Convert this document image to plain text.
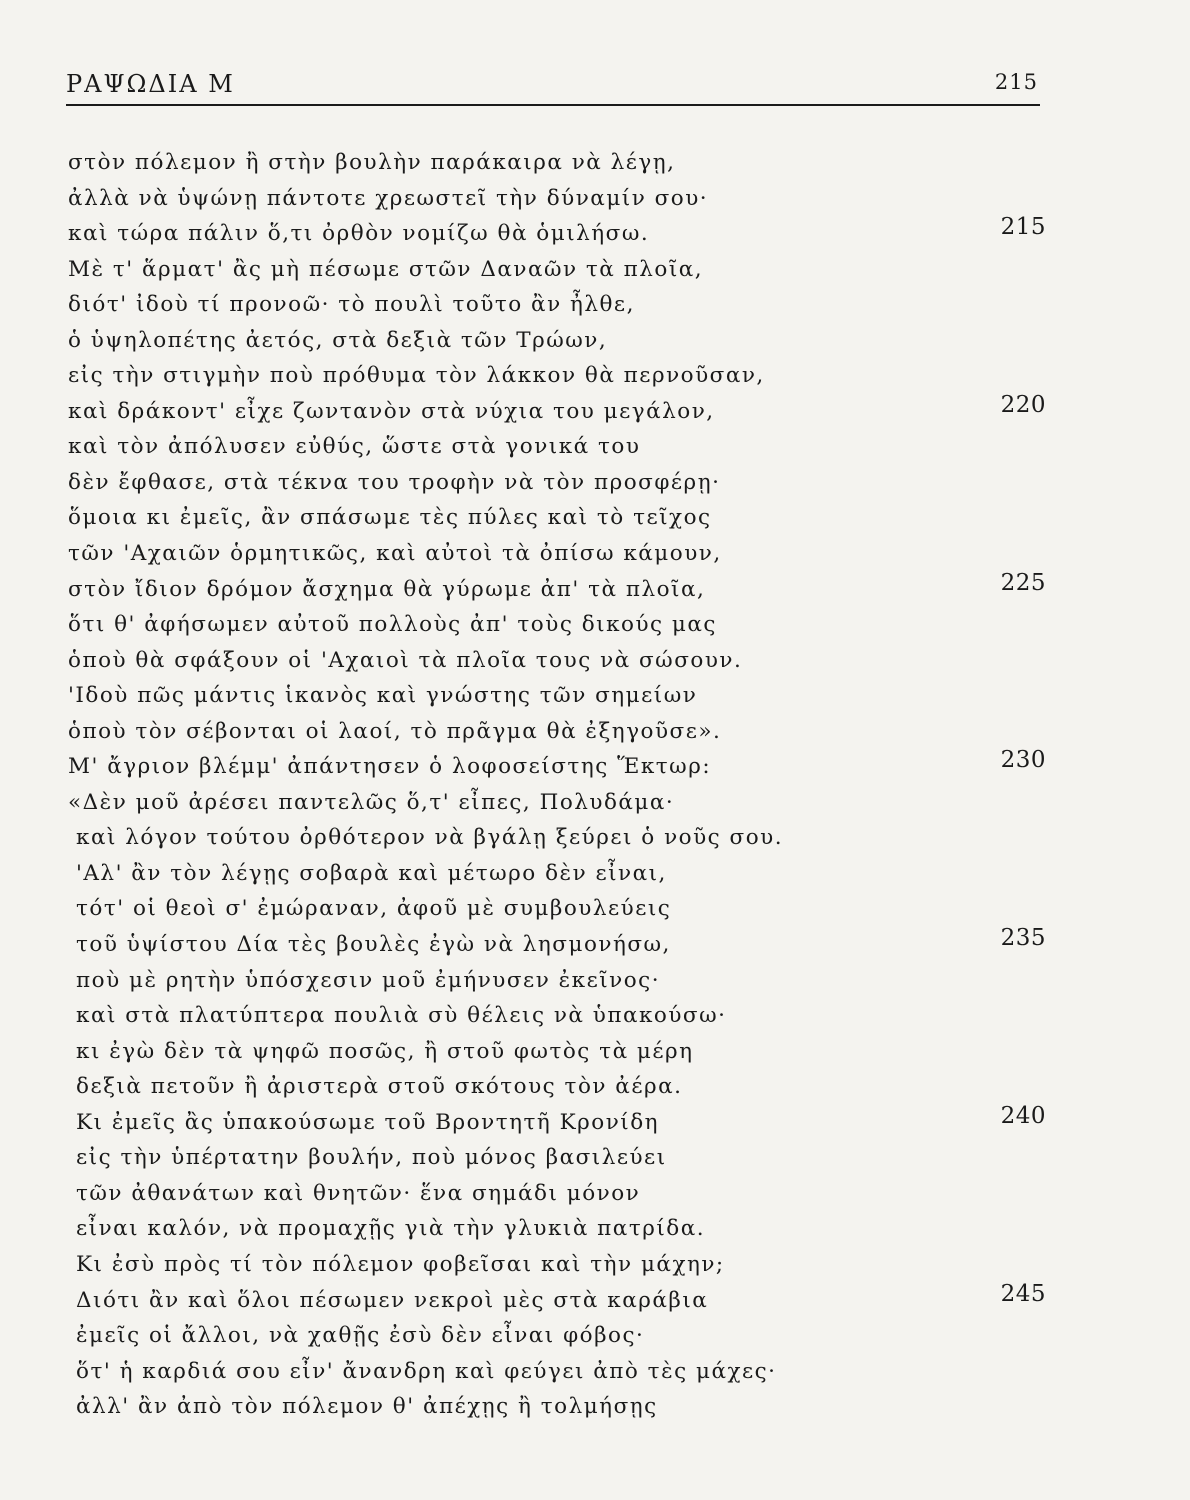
ΡΑΨΩΔΙΑ Μ	215
στὸν πόλεμον ἢ στὴν βουλὴν παράκαιρα νὰ λέγῃ,
ἀλλὰ νὰ ὑψώνῃ πάντοτε χρεωστεῖ τὴν δύναμίν σου·
καὶ τώρα πάλιν ὅ,τι ὀρθὸν νομίζω θὰ ὁμιλήσω.	215
Μὲ τ' ἅρματ' ἂς μὴ πέσωμε στῶν Δαναῶν τὰ πλοῖα,
διότ' ἰδοὺ τί προνοῶ· τὸ πουλὶ τοῦτο ἂν ἦλθε,
ὁ ὑψηλοπέτης ἀετός, στὰ δεξιὰ τῶν Τρώων,
εἰς τὴν στιγμὴν ποὺ πρόθυμα τὸν λάκκον θὰ περνοῦσαν,
καὶ δράκοντ' εἶχε ζωντανὸν στὰ νύχια του μεγάλον,	220
καὶ τὸν ἀπόλυσεν εὐθύς, ὥστε στὰ γονικά του
δὲν ἔφθασε, στὰ τέκνα του τροφὴν νὰ τὸν προσφέρῃ·
ὅμοια κι ἐμεῖς, ἂν σπάσωμε τὲς πύλες καὶ τὸ τεῖχος
τῶν 'Αχαιῶν ὁρμητικῶς, καὶ αὐτοὶ τὰ ὀπίσω κάμουν,
στὸν ἴδιον δρόμον ἄσχημα θὰ γύρωμε ἀπ' τὰ πλοῖα,	225
ὅτι θ' ἀφήσωμεν αὐτοῦ πολλοὺς ἀπ' τοὺς δικούς μας
ὁποὺ θὰ σφάξουν οἱ 'Αχαιοὶ τὰ πλοῖα τους νὰ σώσουν.
'Ιδοὺ πῶς μάντις ἱκανὸς καὶ γνώστης τῶν σημείων
ὁποὺ τὸν σέβονται οἱ λαοί, τὸ πρᾶγμα θὰ ἐξηγοῦσε».
Μ' ἄγριον βλέμμ' ἀπάντησεν ὁ λοφοσείστης Ἕκτωρ:	230
«Δὲν μοῦ ἀρέσει παντελῶς ὅ,τ' εἶπες, Πολυδάμα·
καὶ λόγον τούτου ὀρθότερον νὰ βγάλῃ ξεύρει ὁ νοῦς σου.
'Αλ' ἂν τὸν λέγῃς σοβαρὰ καὶ μέτωρο δὲν εἶναι,
τότ' οἱ θεοὶ σ' ἐμώραναν, ἀφοῦ μὲ συμβουλεύεις
τοῦ ὑψίστου Δία τὲς βουλὲς ἐγὼ νὰ λησμονήσω,	235
ποὺ μὲ ρητὴν ὑπόσχεσιν μοῦ ἐμήνυσεν ἐκεῖνος·
καὶ στὰ πλατύπτερα πουλιὰ σὺ θέλεις νὰ ὑπακούσω·
κι ἐγὼ δὲν τὰ ψηφῶ ποσῶς, ἢ στοῦ φωτὸς τὰ μέρη
δεξιὰ πετοῦν ἢ ἀριστερὰ στοῦ σκότους τὸν ἀέρα.
Κι ἐμεῖς ἂς ὑπακούσωμε τοῦ Βροντητῆ Κρονίδη	240
εἰς τὴν ὑπέρτατην βουλήν, ποὺ μόνος βασιλεύει
τῶν ἀθανάτων καὶ θνητῶν· ἕνα σημάδι μόνον
εἶναι καλόν, νὰ προμαχῇς γιὰ τὴν γλυκιὰ πατρίδα.
Κι ἐσὺ πρὸς τί τὸν πόλεμον φοβεῖσαι καὶ τὴν μάχην;
Διότι ἂν καὶ ὅλοι πέσωμεν νεκροὶ μὲς στὰ καράβια	245
ἐμεῖς οἱ ἄλλοι, νὰ χαθῇς ἐσὺ δὲν εἶναι φόβος·
ὅτ' ἡ καρδιά σου εἶν' ἄνανδρη καὶ φεύγει ἀπὸ τὲς μάχες·
ἀλλ' ἂν ἀπὸ τὸν πόλεμον θ' ἀπέχῃς ἢ τολμήσῃς
